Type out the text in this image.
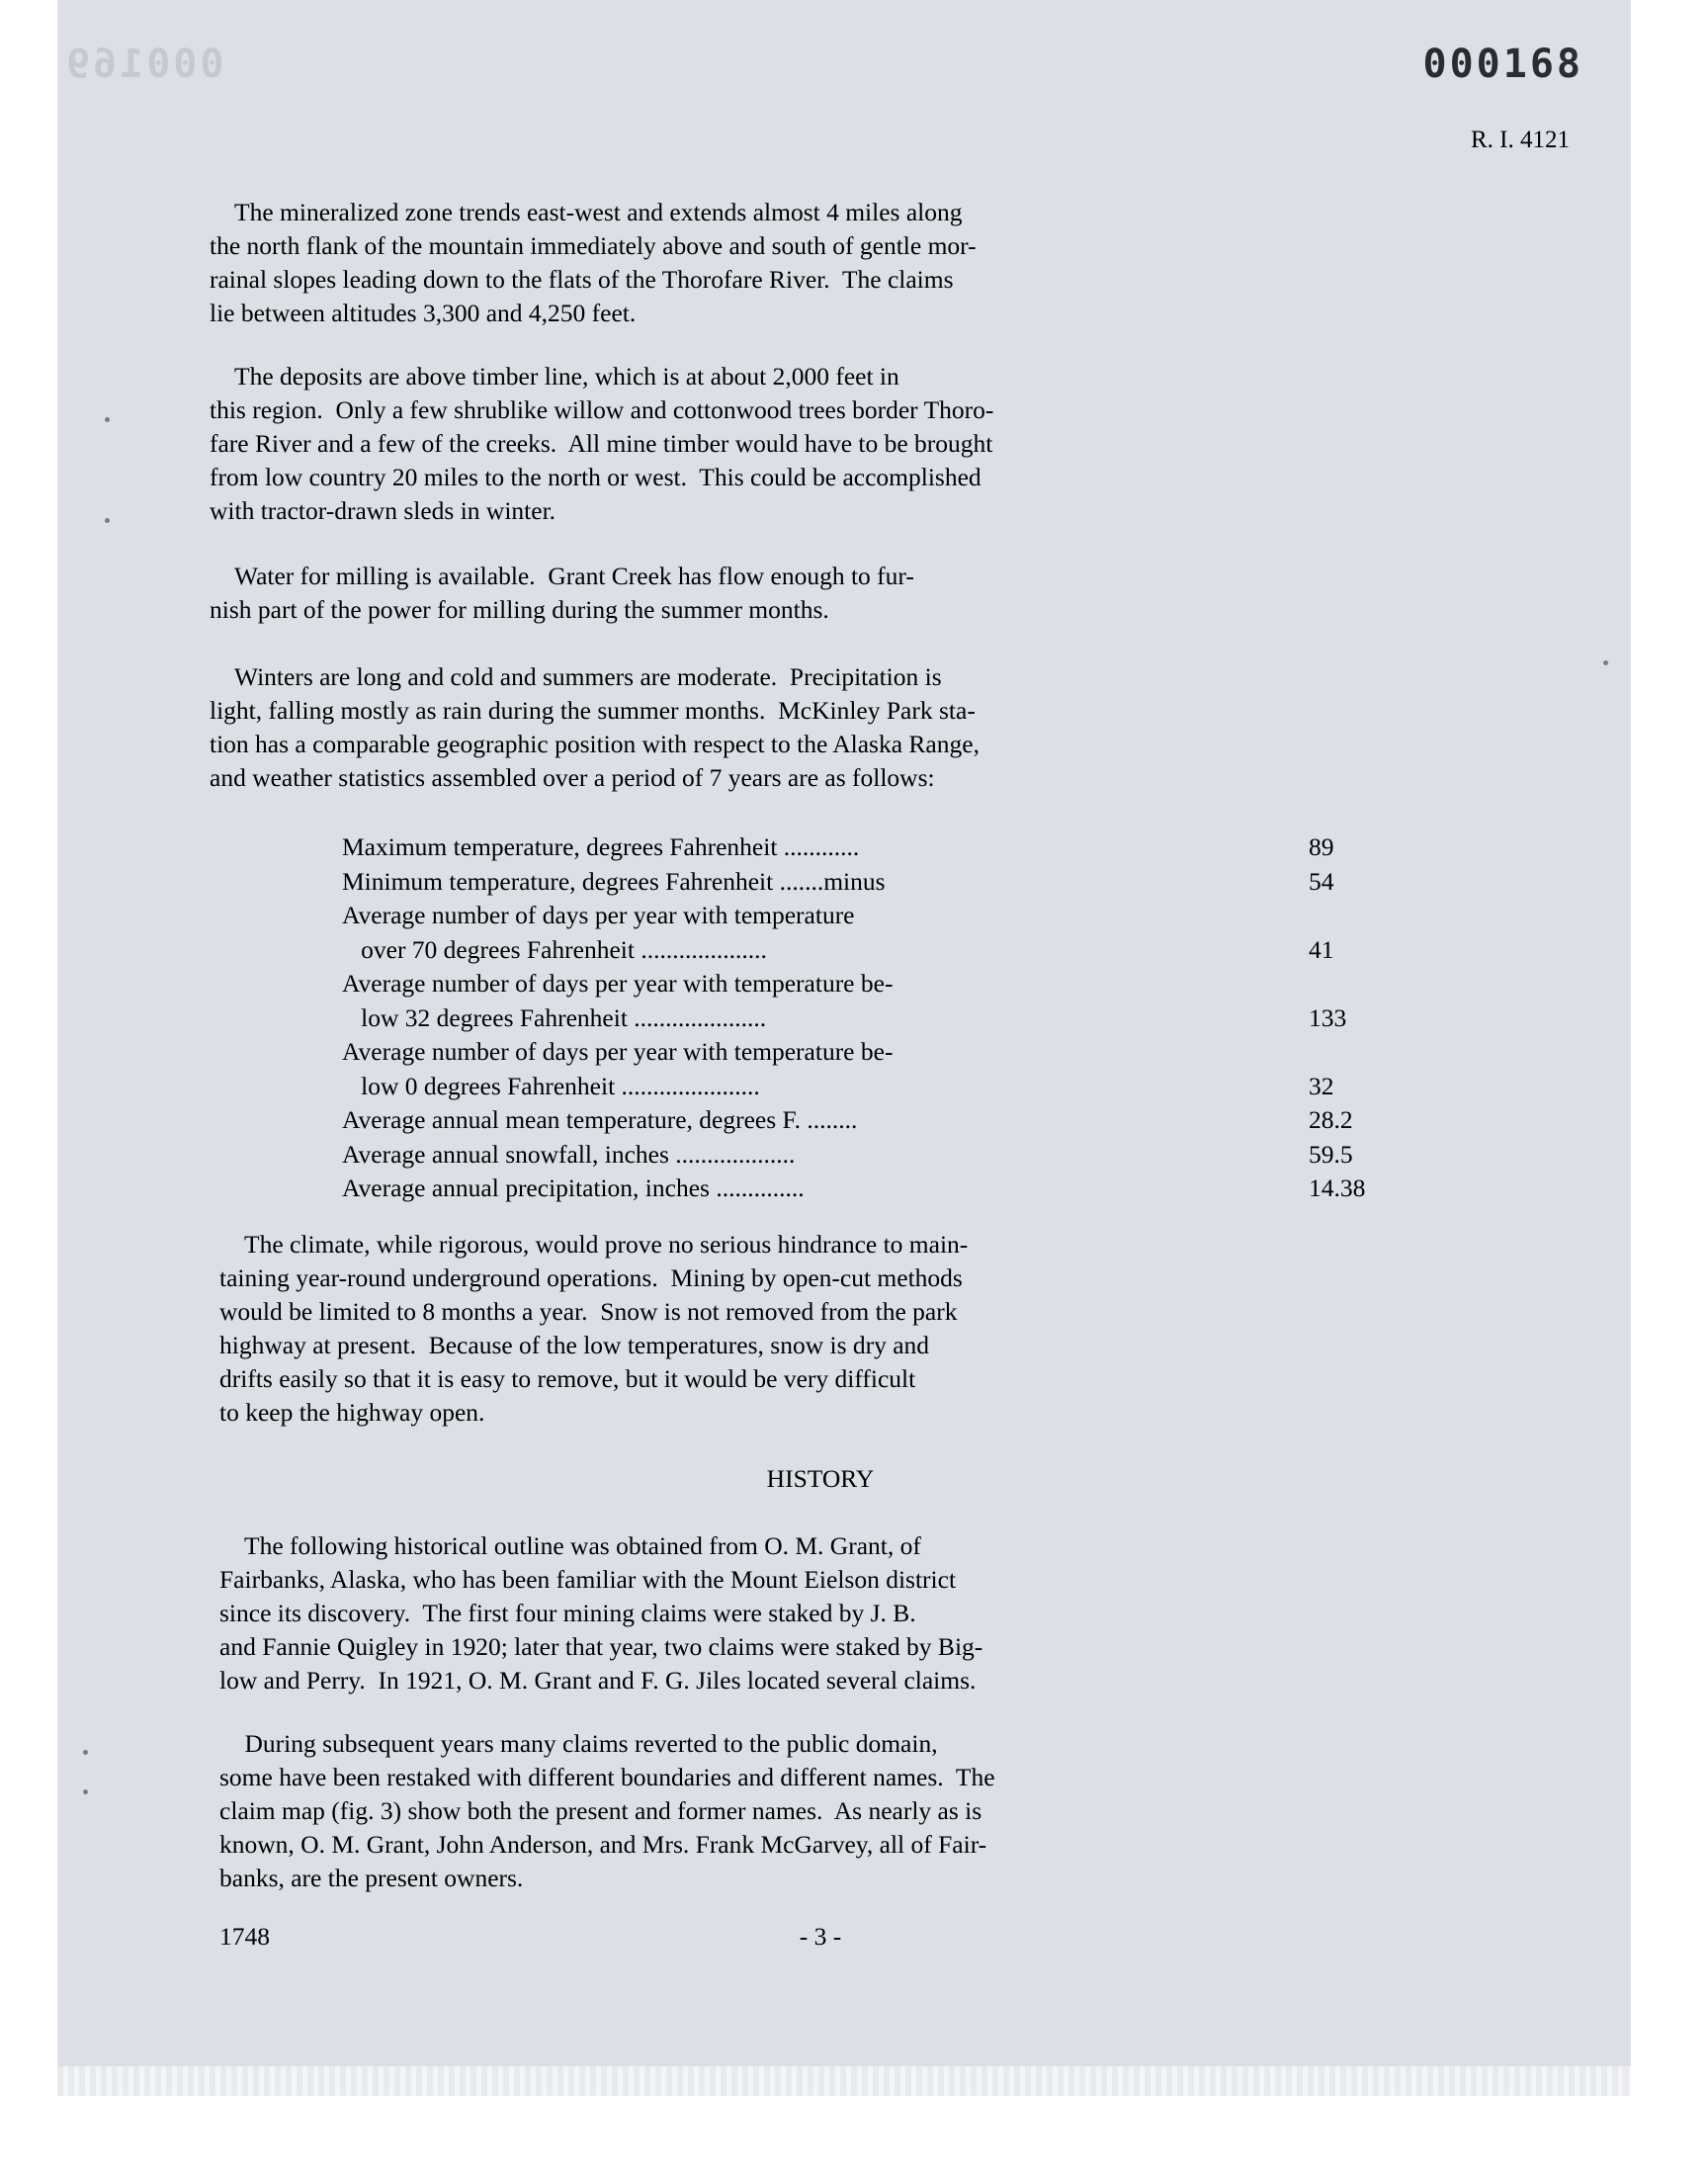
000169	000168
R. I. 4121
The mineralized zone trends east-west and extends almost 4 miles along
the north flank of the mountain immediately above and south of gentle mor-
rainal slopes leading down to the flats of the Thorofare River.  The claims
lie between altitudes 3,300 and 4,250 feet.
The deposits are above timber line, which is at about 2,000 feet in
this region.  Only a few shrublike willow and cottonwood trees border Thoro-
fare River and a few of the creeks.  All mine timber would have to be brought
from low country 20 miles to the north or west.  This could be accomplished
with tractor-drawn sleds in winter.
Water for milling is available.  Grant Creek has flow enough to fur-
nish part of the power for milling during the summer months.
Winters are long and cold and summers are moderate.  Precipitation is
light, falling mostly as rain during the summer months.  McKinley Park sta-
tion has a comparable geographic position with respect to the Alaska Range,
and weather statistics assembled over a period of 7 years are as follows:
Maximum temperature, degrees Fahrenheit ............	89
Minimum temperature, degrees Fahrenheit .......minus	54
Average number of days per year with temperature
over 70 degrees Fahrenheit ....................	41
Average number of days per year with temperature be-
low 32 degrees Fahrenheit .....................	133
Average number of days per year with temperature be-
low 0 degrees Fahrenheit ......................	32
Average annual mean temperature, degrees F. ........	28.2
Average annual snowfall, inches ...................	59.5
Average annual precipitation, inches ..............	14.38
The climate, while rigorous, would prove no serious hindrance to main-
taining year-round underground operations.  Mining by open-cut methods
would be limited to 8 months a year.  Snow is not removed from the park
highway at present.  Because of the low temperatures, snow is dry and
drifts easily so that it is easy to remove, but it would be very difficult
to keep the highway open.
HISTORY
The following historical outline was obtained from O. M. Grant, of
Fairbanks, Alaska, who has been familiar with the Mount Eielson district
since its discovery.  The first four mining claims were staked by J. B.
and Fannie Quigley in 1920; later that year, two claims were staked by Big-
low and Perry.  In 1921, O. M. Grant and F. G. Jiles located several claims.
During subsequent years many claims reverted to the public domain,
some have been restaked with different boundaries and different names.  The
claim map (fig. 3) show both the present and former names.  As nearly as is
known, O. M. Grant, John Anderson, and Mrs. Frank McGarvey, all of Fair-
banks, are the present owners.
1748	- 3 -
